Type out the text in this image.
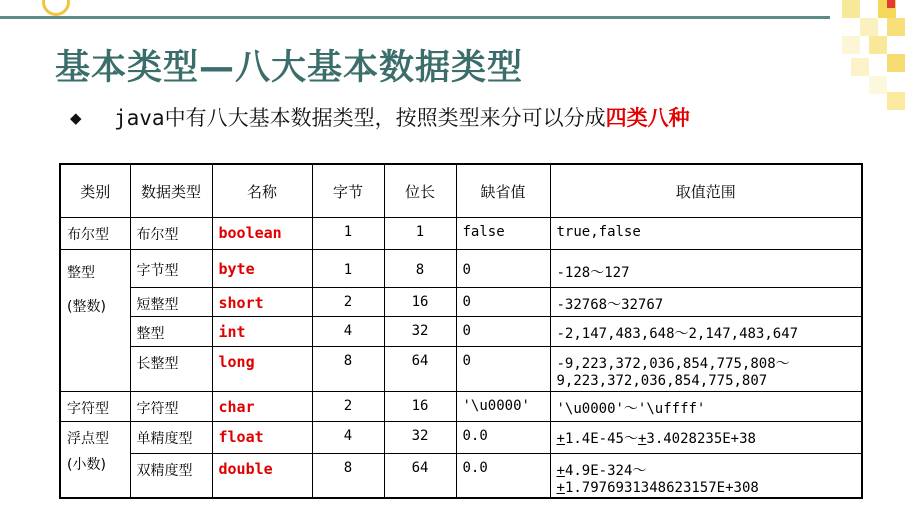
基本类型—八大基本数据类型
◆ java中有八大基本数据类型，按照类型来分可以分成四类八种
类别	数据类型	名称	字节	位长	缺省值	取值范围
布尔型	布尔型	boolean	1	1	false	true,false

整型
(整数)	字节型	byte	1	8	0	-128～127
	短整型	short	2	16	0	-32768～32767
	整型	int	4	32	0	-2,147,483,648～2,147,483,647
	长整型	long	8	64	0	-9,223,372,036,854,775,808～
9,223,372,036,854,775,807

字符型	字符型	char	2	16	'\u0000'	'\u0000'～'\uffff'

浮点型
(小数)	单精度型	float	4	32	0.0	+1.4E-45～+3.4028235E+38
	双精度型	double	8	64	0.0	+4.9E-324～
+1.7976931348623157E+308
